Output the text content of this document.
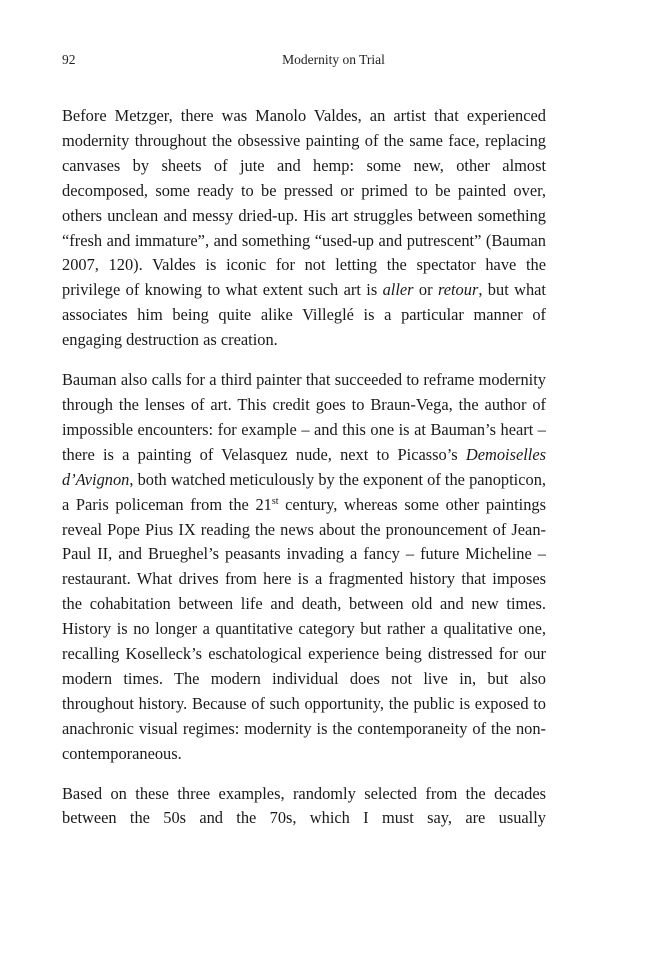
92	Modernity on Trial

Before Metzger, there was Manolo Valdes, an artist that experienced modernity throughout the obsessive painting of the same face, replacing canvases by sheets of jute and hemp: some new, other almost decomposed, some ready to be pressed or primed to be painted over, others unclean and messy dried-up. His art struggles between something “fresh and immature”, and something “used-up and putrescent” (Bauman 2007, 120). Valdes is iconic for not letting the spectator have the privilege of knowing to what extent such art is aller or retour, but what associates him being quite alike Villeglé is a particular manner of engaging destruction as creation.

Bauman also calls for a third painter that succeeded to reframe modernity through the lenses of art. This credit goes to Braun-Vega, the author of impossible encounters: for example – and this one is at Bauman’s heart – there is a painting of Velasquez nude, next to Picasso’s Demoiselles d’Avignon, both watched meticulously by the exponent of the panopticon, a Paris policeman from the 21st century, whereas some other paintings reveal Pope Pius IX reading the news about the pronouncement of Jean-Paul II, and Brueghel’s peasants invading a fancy – future Micheline – restaurant. What drives from here is a fragmented history that imposes the cohabitation between life and death, between old and new times. History is no longer a quantitative category but rather a qualitative one, recalling Koselleck’s eschatological experience being distressed for our modern times. The modern individual does not live in, but also throughout history. Because of such opportunity, the public is exposed to anachronic visual regimes: modernity is the contemporaneity of the non-contemporaneous.

Based on these three examples, randomly selected from the decades between the 50s and the 70s, which I must say, are usually
